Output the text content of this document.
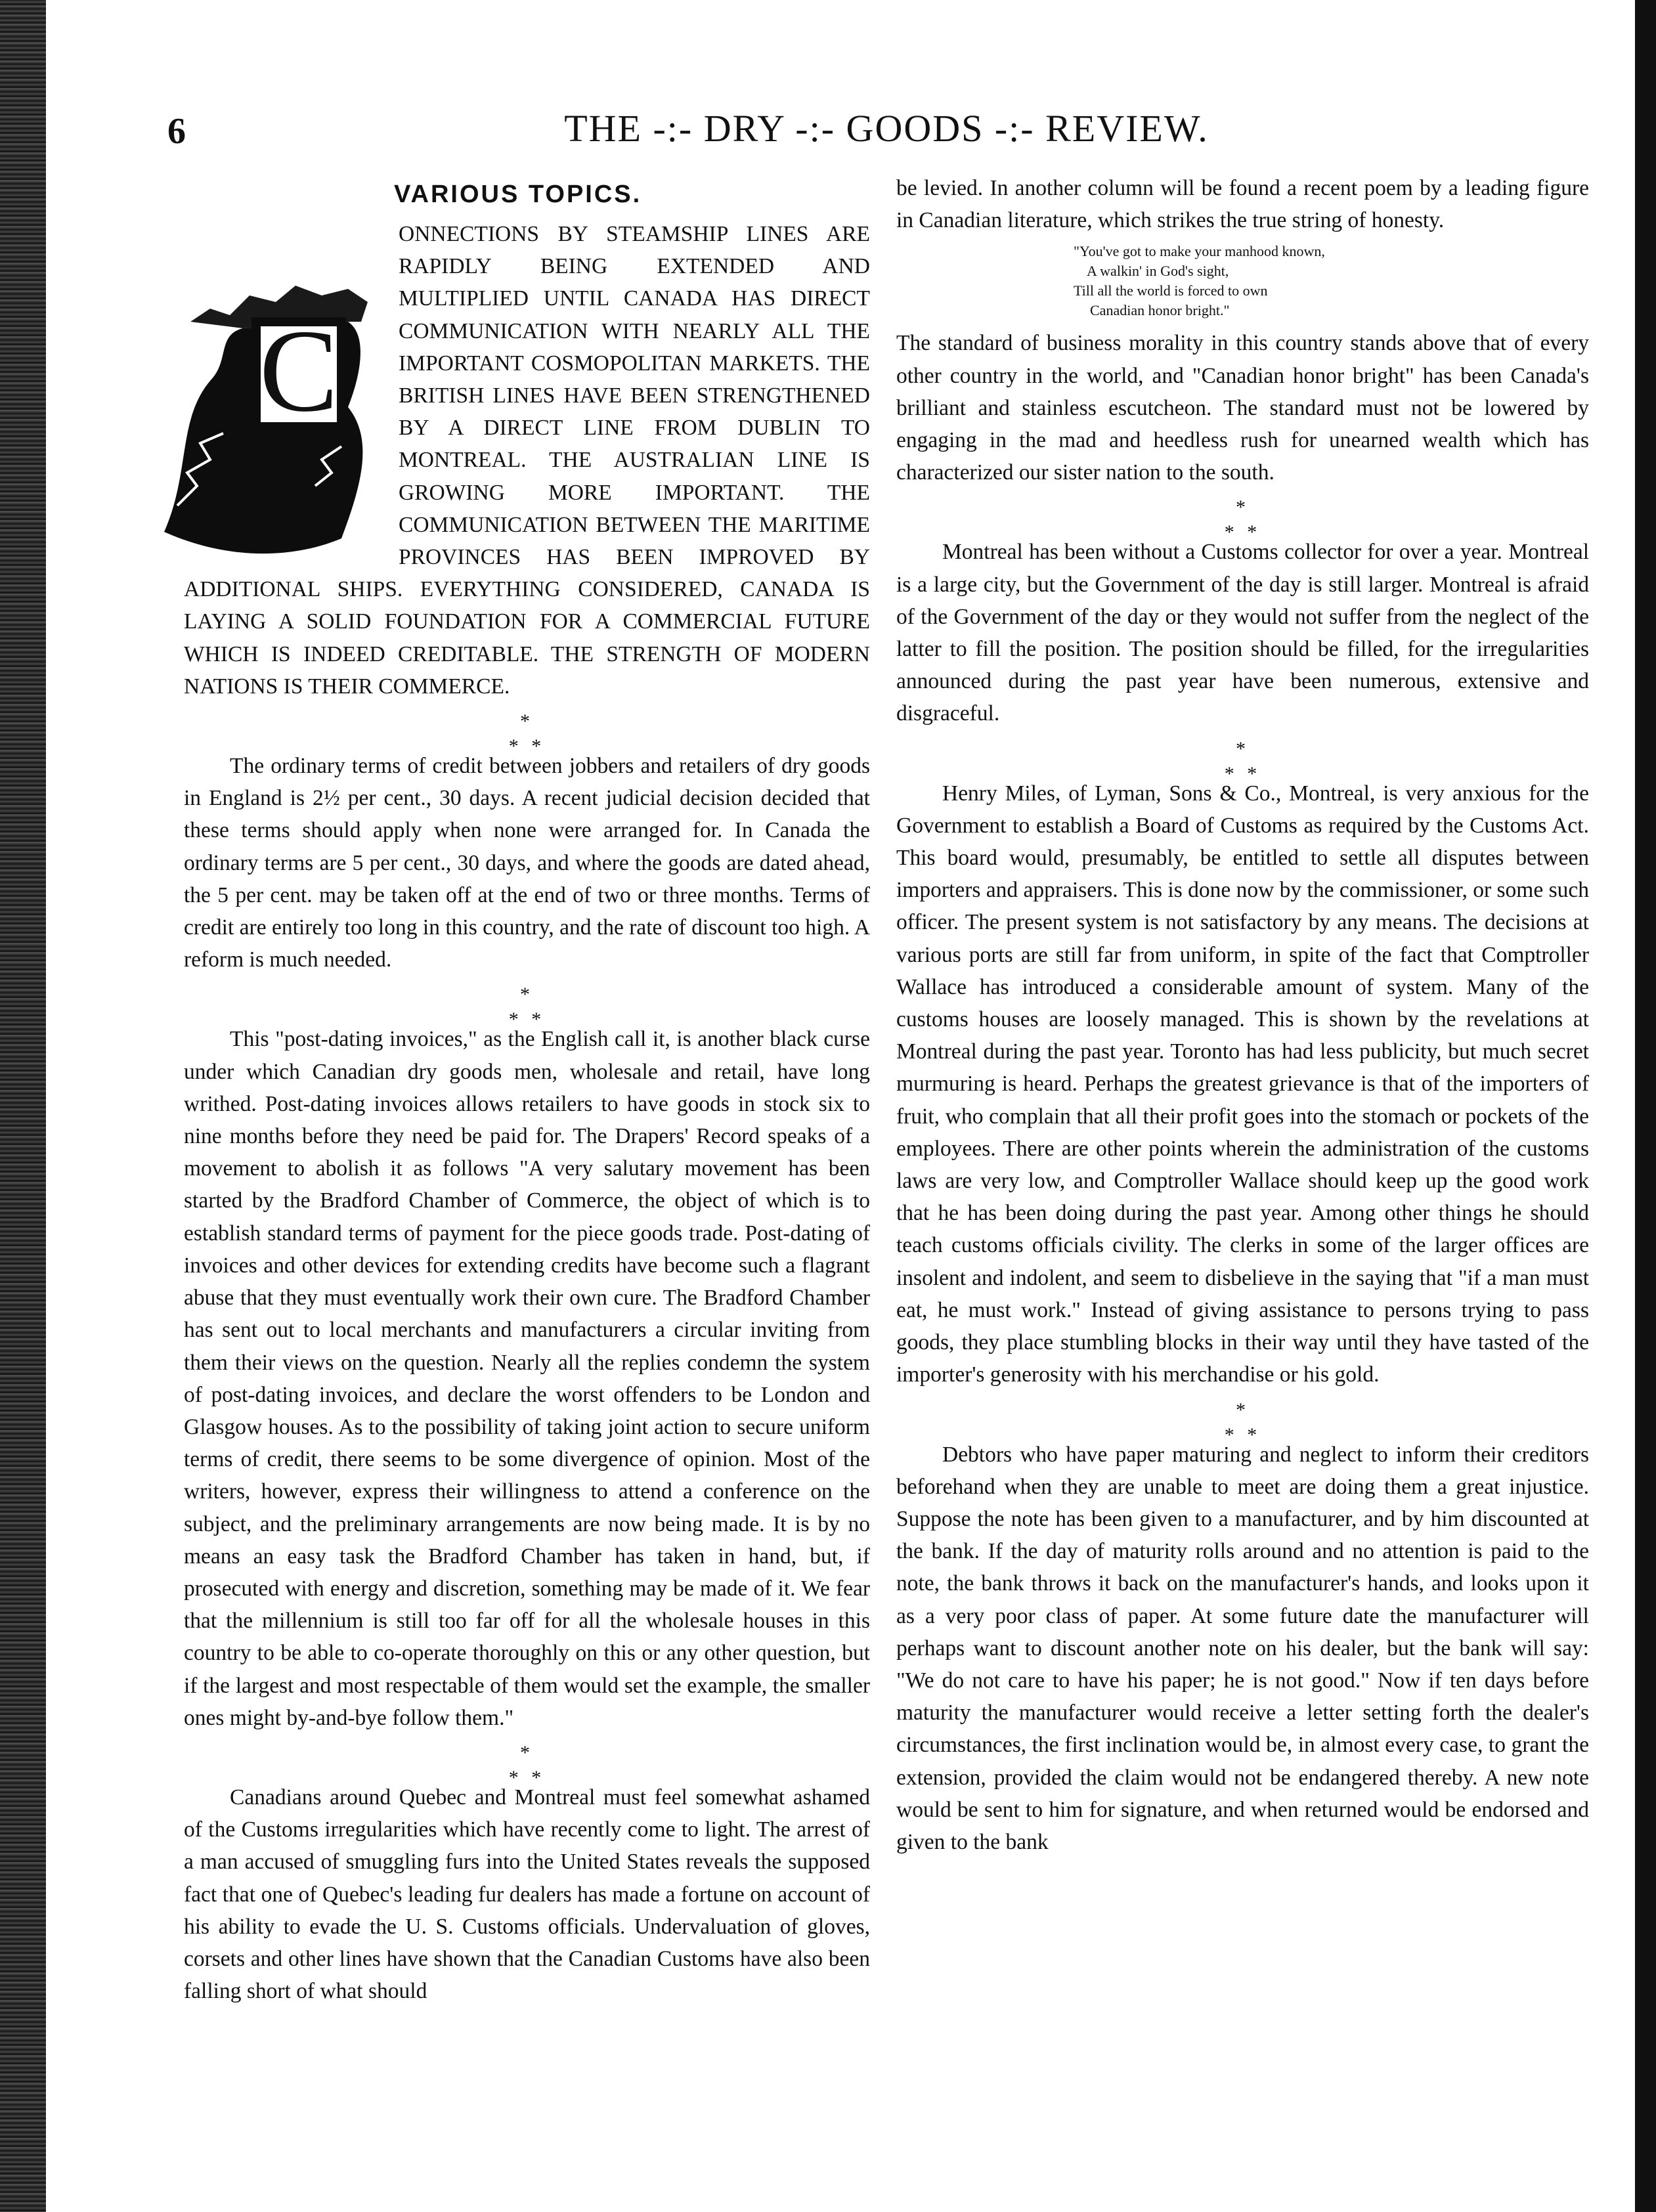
6	THE -:- DRY -:- GOODS -:- REVIEW.
VARIOUS TOPICS.

C
ONNECTIONS BY STEAMSHIP LINES ARE RAPIDLY BEING EXTENDED AND MULTIPLIED UNTIL CANADA HAS DIRECT COMMUNICATION WITH NEARLY ALL THE IMPORTANT COSMOPOLITAN MARKETS. THE BRITISH LINES HAVE BEEN STRENGTHENED BY A DIRECT LINE FROM DUBLIN TO MONTREAL. THE AUSTRALIAN LINE IS GROWING MORE IMPORTANT. THE COMMUNICATION BETWEEN THE MARITIME PROVINCES HAS BEEN IMPROVED BY ADDITIONAL SHIPS. EVERYTHING CONSIDERED, CANADA IS LAYING A SOLID FOUNDATION FOR A COMMERCIAL FUTURE WHICH IS INDEED CREDITABLE. THE STRENGTH OF MODERN NATIONS IS THEIR COMMERCE.

*
* *

The ordinary terms of credit between jobbers and retailers of dry goods in England is 2½ per cent., 30 days. A recent judicial decision decided that these terms should apply when none were arranged for. In Canada the ordinary terms are 5 per cent., 30 days, and where the goods are dated ahead, the 5 per cent. may be taken off at the end of two or three months. Terms of credit are entirely too long in this country, and the rate of discount too high. A reform is much needed.

*
* *

This "post-dating invoices," as the English call it, is another black curse under which Canadian dry goods men, wholesale and retail, have long writhed. Post-dating invoices allows retailers to have goods in stock six to nine months before they need be paid for. The Drapers' Record speaks of a movement to abolish it as follows "A very salutary movement has been started by the Bradford Chamber of Commerce, the object of which is to establish standard terms of payment for the piece goods trade. Post-dating of invoices and other devices for extending credits have become such a flagrant abuse that they must eventually work their own cure. The Bradford Chamber has sent out to local merchants and manufacturers a circular inviting from them their views on the question. Nearly all the replies condemn the system of post-dating invoices, and declare the worst offenders to be London and Glasgow houses. As to the possibility of taking joint action to secure uniform terms of credit, there seems to be some divergence of opinion. Most of the writers, however, express their willingness to attend a conference on the subject, and the preliminary arrangements are now being made. It is by no means an easy task the Bradford Chamber has taken in hand, but, if prosecuted with energy and discretion, something may be made of it. We fear that the millennium is still too far off for all the wholesale houses in this country to be able to co-operate thoroughly on this or any other question, but if the largest and most respectable of them would set the example, the smaller ones might by-and-bye follow them."

*
* *

Canadians around Quebec and Montreal must feel somewhat ashamed of the Customs irregularities which have recently come to light. The arrest of a man accused of smuggling furs into the United States reveals the supposed fact that one of Quebec's leading fur dealers has made a fortune on account of his ability to evade the U. S. Customs officials. Undervaluation of gloves, corsets and other lines have shown that the Canadian Customs have also been falling short of what should

be levied. In another column will be found a recent poem by a leading figure in Canadian literature, which strikes the true string of honesty.

"You've got to make your manhood known,
A walkin' in God's sight,
Till all the world is forced to own
Canadian honor bright."

The standard of business morality in this country stands above that of every other country in the world, and "Canadian honor bright" has been Canada's brilliant and stainless escutcheon. The standard must not be lowered by engaging in the mad and heedless rush for unearned wealth which has characterized our sister nation to the south.

*
* *

Montreal has been without a Customs collector for over a year. Montreal is a large city, but the Government of the day is still larger. Montreal is afraid of the Government of the day or they would not suffer from the neglect of the latter to fill the position. The position should be filled, for the irregularities announced during the past year have been numerous, extensive and disgraceful.

*
* *

Henry Miles, of Lyman, Sons & Co., Montreal, is very anxious for the Government to establish a Board of Customs as required by the Customs Act. This board would, presumably, be entitled to settle all disputes between importers and appraisers. This is done now by the commissioner, or some such officer. The present system is not satisfactory by any means. The decisions at various ports are still far from uniform, in spite of the fact that Comptroller Wallace has introduced a considerable amount of system. Many of the customs houses are loosely managed. This is shown by the revelations at Montreal during the past year. Toronto has had less publicity, but much secret murmuring is heard. Perhaps the greatest grievance is that of the importers of fruit, who complain that all their profit goes into the stomach or pockets of the employees. There are other points wherein the administration of the customs laws are very low, and Comptroller Wallace should keep up the good work that he has been doing during the past year. Among other things he should teach customs officials civility. The clerks in some of the larger offices are insolent and indolent, and seem to disbelieve in the saying that "if a man must eat, he must work." Instead of giving assistance to persons trying to pass goods, they place stumbling blocks in their way until they have tasted of the importer's generosity with his merchandise or his gold.

*
* *

Debtors who have paper maturing and neglect to inform their creditors beforehand when they are unable to meet are doing them a great injustice. Suppose the note has been given to a manufacturer, and by him discounted at the bank. If the day of maturity rolls around and no attention is paid to the note, the bank throws it back on the manufacturer's hands, and looks upon it as a very poor class of paper. At some future date the manufacturer will perhaps want to discount another note on his dealer, but the bank will say: "We do not care to have his paper; he is not good." Now if ten days before maturity the manufacturer would receive a letter setting forth the dealer's circumstances, the first inclination would be, in almost every case, to grant the extension, provided the claim would not be endangered thereby. A new note would be sent to him for signature, and when returned would be endorsed and given to the bank
